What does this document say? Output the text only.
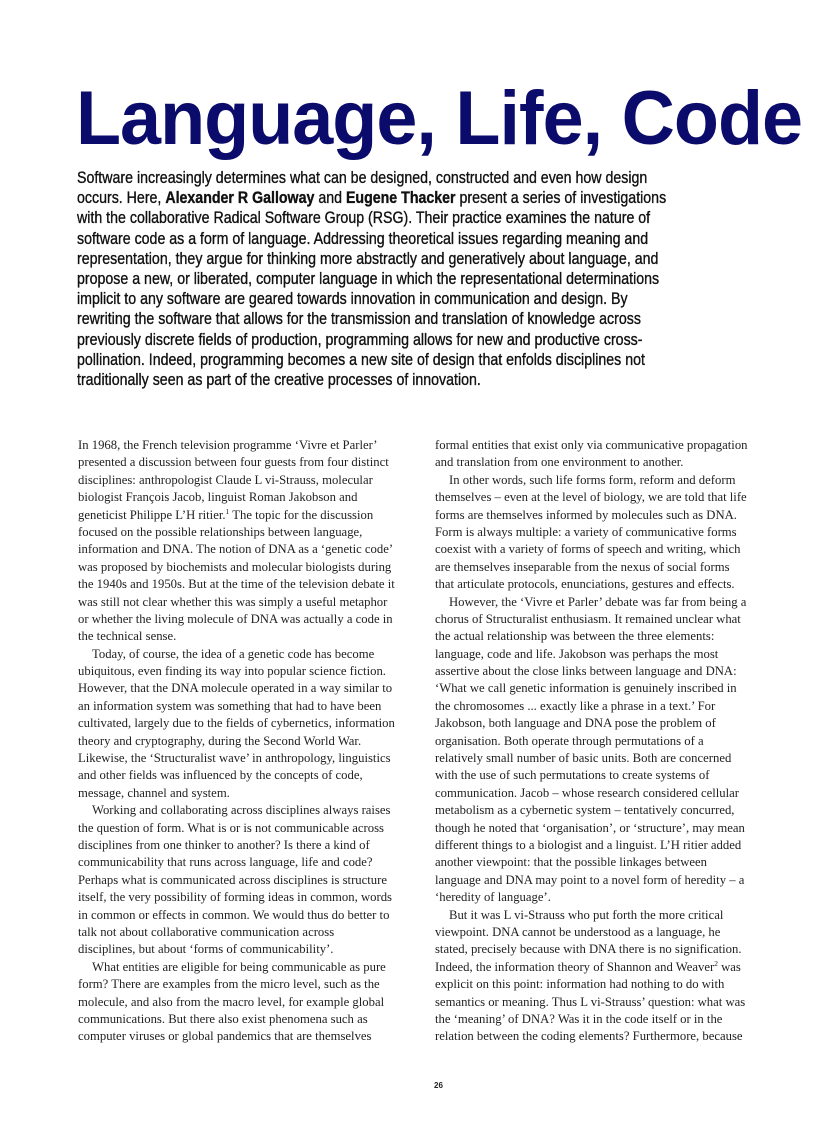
Language, Life, Code
Software increasingly determines what can be designed, constructed and even how design
occurs. Here, Alexander R Galloway and Eugene Thacker present a series of investigations
with the collaborative Radical Software Group (RSG). Their practice examines the nature of
software code as a form of language. Addressing theoretical issues regarding meaning and
representation, they argue for thinking more abstractly and generatively about language, and
propose a new, or liberated, computer language in which the representational determinations
implicit to any software are geared towards innovation in communication and design. By
rewriting the software that allows for the transmission and translation of knowledge across
previously discrete fields of production, programming allows for new and productive cross-
pollination. Indeed, programming becomes a new site of design that enfolds disciplines not
traditionally seen as part of the creative processes of innovation.
In 1968, the French television programme ‘Vivre et Parler’
presented a discussion between four guests from four distinct
disciplines: anthropologist Claude L vi-Strauss, molecular
biologist François Jacob, linguist Roman Jakobson and
geneticist Philippe L’H ritier.$^1$ The topic for the discussion
focused on the possible relationships between language,
information and DNA. The notion of DNA as a ‘genetic code’
was proposed by biochemists and molecular biologists during
the 1940s and 1950s. But at the time of the television debate it
was still not clear whether this was simply a useful metaphor
or whether the living molecule of DNA was actually a code in
the technical sense.
Today, of course, the idea of a genetic code has become
ubiquitous, even finding its way into popular science fiction.
However, that the DNA molecule operated in a way similar to
an information system was something that had to have been
cultivated, largely due to the fields of cybernetics, information
theory and cryptography, during the Second World War.
Likewise, the ‘Structuralist wave’ in anthropology, linguistics
and other fields was influenced by the concepts of code,
message, channel and system.
Working and collaborating across disciplines always raises
the question of form. What is or is not communicable across
disciplines from one thinker to another? Is there a kind of
communicability that runs across language, life and code?
Perhaps what is communicated across disciplines is structure
itself, the very possibility of forming ideas in common, words
in common or effects in common. We would thus do better to
talk not about collaborative communication across
disciplines, but about ‘forms of communicability’.
What entities are eligible for being communicable as pure
form? There are examples from the micro level, such as the
molecule, and also from the macro level, for example global
communications. But there also exist phenomena such as
computer viruses or global pandemics that are themselves
formal entities that exist only via communicative propagation
and translation from one environment to another.
In other words, such life forms form, reform and deform
themselves – even at the level of biology, we are told that life
forms are themselves informed by molecules such as DNA.
Form is always multiple: a variety of communicative forms
coexist with a variety of forms of speech and writing, which
are themselves inseparable from the nexus of social forms
that articulate protocols, enunciations, gestures and effects.
However, the ‘Vivre et Parler’ debate was far from being a
chorus of Structuralist enthusiasm. It remained unclear what
the actual relationship was between the three elements:
language, code and life. Jakobson was perhaps the most
assertive about the close links between language and DNA:
‘What we call genetic information is genuinely inscribed in
the chromosomes ... exactly like a phrase in a text.’ For
Jakobson, both language and DNA pose the problem of
organisation. Both operate through permutations of a
relatively small number of basic units. Both are concerned
with the use of such permutations to create systems of
communication. Jacob – whose research considered cellular
metabolism as a cybernetic system – tentatively concurred,
though he noted that ‘organisation’, or ‘structure’, may mean
different things to a biologist and a linguist. L’H ritier added
another viewpoint: that the possible linkages between
language and DNA may point to a novel form of heredity – a
‘heredity of language’.
But it was L vi-Strauss who put forth the more critical
viewpoint. DNA cannot be understood as a language, he
stated, precisely because with DNA there is no signification.
Indeed, the information theory of Shannon and Weaver$^2$ was
explicit on this point: information had nothing to do with
semantics or meaning. Thus L vi-Strauss’ question: what was
the ‘meaning’ of DNA? Was it in the code itself or in the
relation between the coding elements? Furthermore, because
26
